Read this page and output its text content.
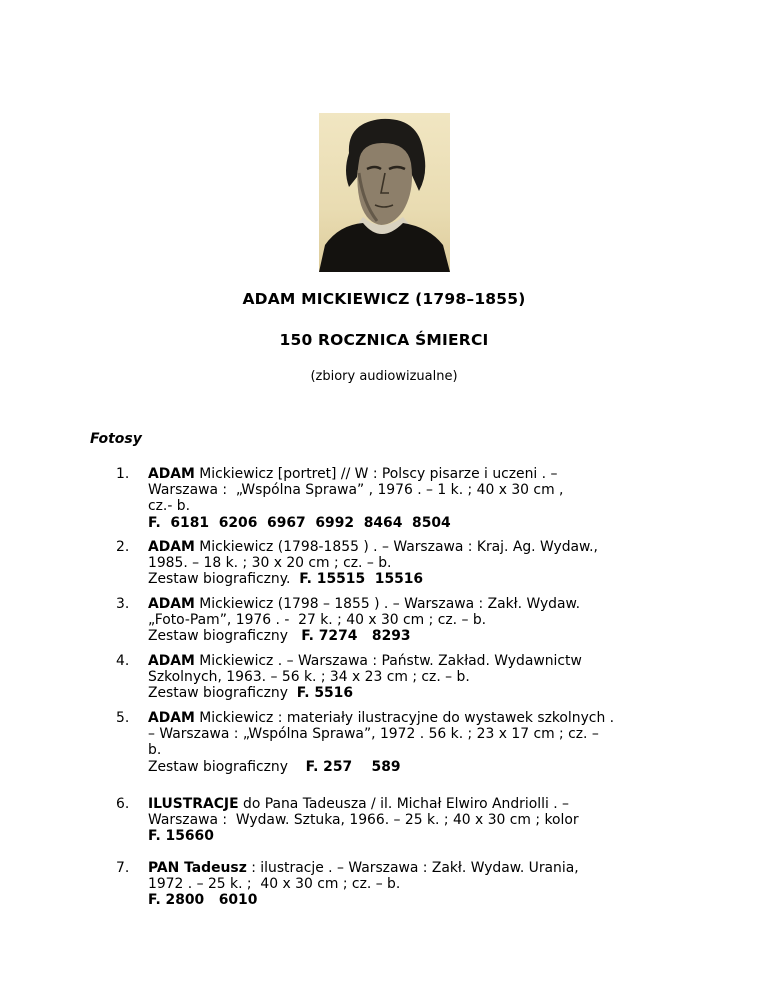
ADAM MICKIEWICZ (1798–1855)
150 ROCZNICA ŚMIERCI
(zbiory audiowizualne)
Fotosy
1. ADAM Mickiewicz [portret] // W : Polscy pisarze i uczeni . –
Warszawa :  „Wspólna Sprawa” , 1976 . – 1 k. ; 40 x 30 cm ,
cz.- b.
F.  6181  6206  6967  6992  8464  8504
2. ADAM Mickiewicz (1798-1855 ) . – Warszawa : Kraj. Ag. Wydaw.,
1985. – 18 k. ; 30 x 20 cm ; cz. – b.
Zestaw biograficzny.  F. 15515  15516
3. ADAM Mickiewicz (1798 – 1855 ) . – Warszawa : Zakł. Wydaw.
„Foto-Pam”, 1976 . -  27 k. ; 40 x 30 cm ; cz. – b.
Zestaw biograficzny   F. 7274   8293
4. ADAM Mickiewicz . – Warszawa : Państw. Zakład. Wydawnictw
Szkolnych, 1963. – 56 k. ; 34 x 23 cm ; cz. – b.
Zestaw biograficzny  F. 5516
5. ADAM Mickiewicz : materiały ilustracyjne do wystawek szkolnych .
– Warszawa : „Wspólna Sprawa”, 1972 . 56 k. ; 23 x 17 cm ; cz. –
b.
Zestaw biograficzny    F. 257    589
6. ILUSTRACJE do Pana Tadeusza / il. Michał Elwiro Andriolli . –
Warszawa :  Wydaw. Sztuka, 1966. – 25 k. ; 40 x 30 cm ; kolor
F. 15660
7. PAN Tadeusz : ilustracje . – Warszawa : Zakł. Wydaw. Urania,
1972 . – 25 k. ;  40 x 30 cm ; cz. – b.
F. 2800   6010
